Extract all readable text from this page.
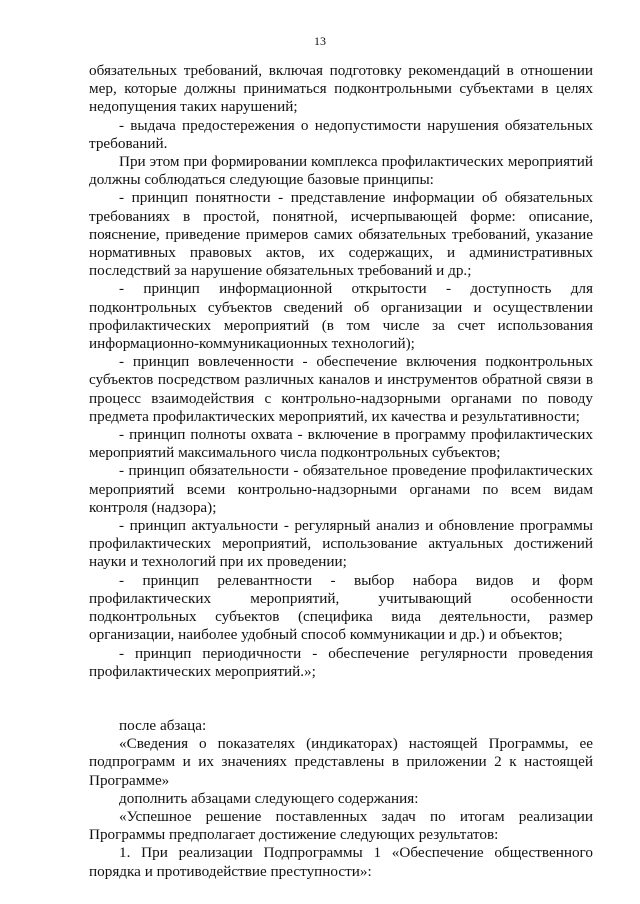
13

обязательных требований, включая подготовку рекомендаций в отношении мер, которые должны приниматься подконтрольными субъектами в целях недопущения таких нарушений;

- выдача предостережения о недопустимости нарушения обязательных требований.

При этом при формировании комплекса профилактических мероприятий должны соблюдаться следующие базовые принципы:

- принцип понятности - представление информации об обязательных требованиях в простой, понятной, исчерпывающей форме: описание, пояснение, приведение примеров самих обязательных требований, указание нормативных правовых актов, их содержащих, и административных последствий за нарушение обязательных требований и др.;

- принцип информационной открытости - доступность для подконтрольных субъектов сведений об организации и осуществлении профилактических мероприятий (в том числе за счет использования информационно-коммуникационных технологий);

- принцип вовлеченности - обеспечение включения подконтрольных субъектов посредством различных каналов и инструментов обратной связи в процесс взаимодействия с контрольно-надзорными органами по поводу предмета профилактических мероприятий, их качества и результативности;

- принцип полноты охвата - включение в программу профилактических мероприятий максимального числа подконтрольных субъектов;

- принцип обязательности - обязательное проведение профилактических мероприятий всеми контрольно-надзорными органами по всем видам контроля (надзора);

- принцип актуальности - регулярный анализ и обновление программы профилактических мероприятий, использование актуальных достижений науки и технологий при их проведении;

- принцип релевантности - выбор набора видов и форм профилактических мероприятий, учитывающий особенности подконтрольных субъектов (специфика вида деятельности, размер организации, наиболее удобный способ коммуникации и др.) и объектов;

- принцип периодичности - обеспечение регулярности проведения профилактических мероприятий.»;

после абзаца:

«Сведения о показателях (индикаторах) настоящей Программы, ее подпрограмм и их значениях представлены в приложении 2 к настоящей Программе»

дополнить абзацами следующего содержания:

«Успешное решение поставленных задач по итогам реализации Программы предполагает достижение следующих результатов:

1. При реализации Подпрограммы 1 «Обеспечение общественного порядка и противодействие преступности»:
